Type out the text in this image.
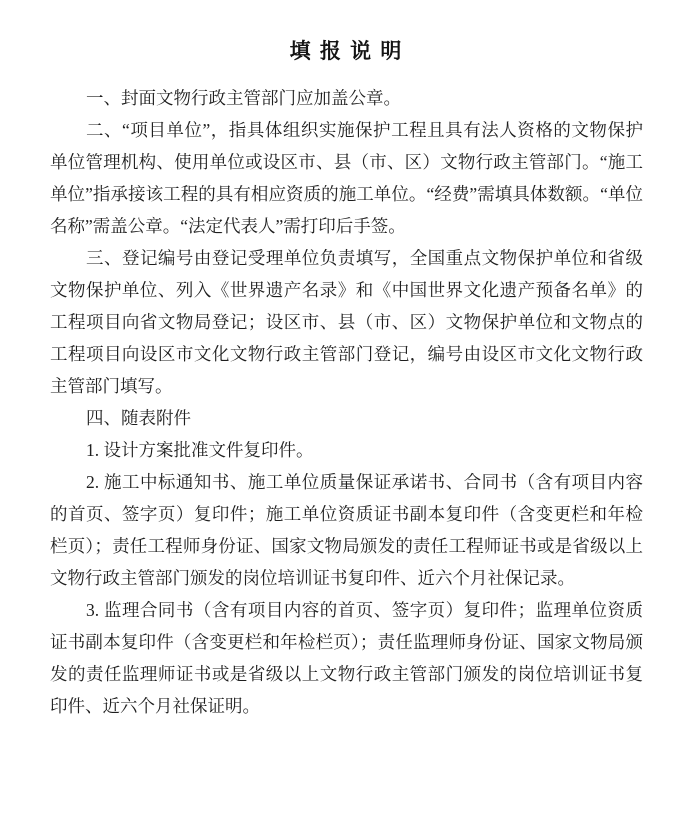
填 报 说 明

一、封面文物行政主管部门应加盖公章。

二、“项目单位”，指具体组织实施保护工程且具有法人资格的文物保护单位管理机构、使用单位或设区市、县（市、区）文物行政主管部门。“施工单位”指承接该工程的具有相应资质的施工单位。“经费”需填具体数额。“单位名称”需盖公章。“法定代表人”需打印后手签。

三、登记编号由登记受理单位负责填写，全国重点文物保护单位和省级文物保护单位、列入《世界遗产名录》和《中国世界文化遗产预备名单》的工程项目向省文物局登记；设区市、县（市、区）文物保护单位和文物点的工程项目向设区市文化文物行政主管部门登记，编号由设区市文化文物行政主管部门填写。

四、随表附件

1. 设计方案批准文件复印件。

2. 施工中标通知书、施工单位质量保证承诺书、合同书（含有项目内容的首页、签字页）复印件；施工单位资质证书副本复印件（含变更栏和年检栏页）；责任工程师身份证、国家文物局颁发的责任工程师证书或是省级以上文物行政主管部门颁发的岗位培训证书复印件、近六个月社保记录。

3. 监理合同书（含有项目内容的首页、签字页）复印件；监理单位资质证书副本复印件（含变更栏和年检栏页）；责任监理师身份证、国家文物局颁发的责任监理师证书或是省级以上文物行政主管部门颁发的岗位培训证书复印件、近六个月社保证明。
